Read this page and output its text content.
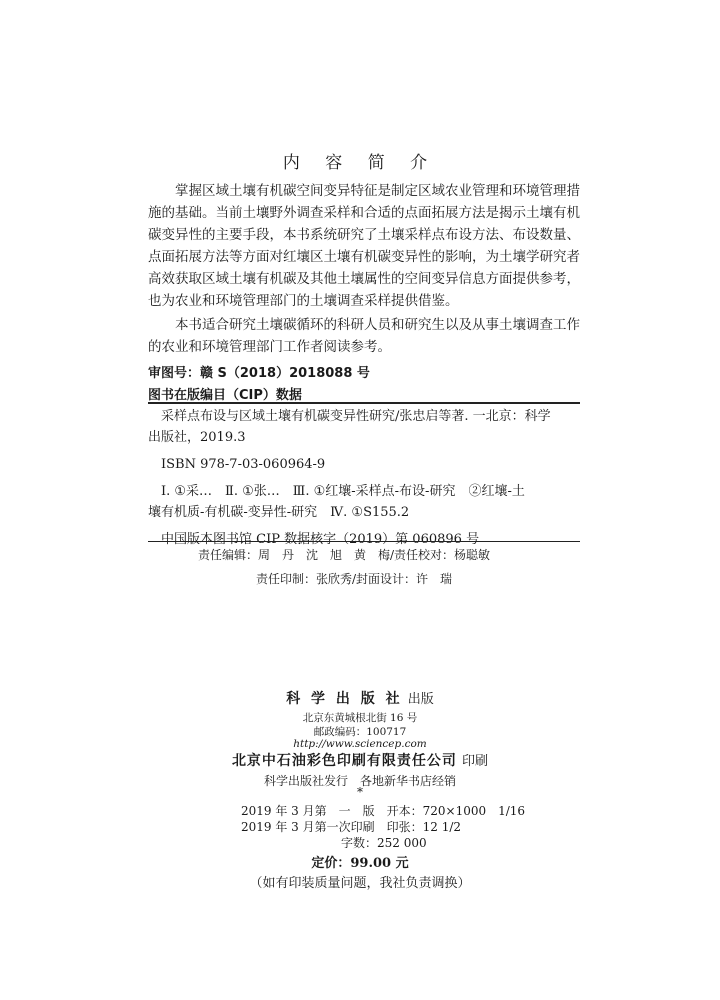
内 容 简 介
掌握区域土壤有机碳空间变异特征是制定区域农业管理和环境管理措
施的基础。当前土壤野外调查采样和合适的点面拓展方法是揭示土壤有机
碳变异性的主要手段，本书系统研究了土壤采样点布设方法、布设数量、
点面拓展方法等方面对红壤区土壤有机碳变异性的影响，为土壤学研究者
高效获取区域土壤有机碳及其他土壤属性的空间变异信息方面提供参考，
也为农业和环境管理部门的土壤调查采样提供借鉴。
本书适合研究土壤碳循环的科研人员和研究生以及从事土壤调查工作
的农业和环境管理部门工作者阅读参考。
审图号：赣 S（2018）2018088 号
图书在版编目（CIP）数据
采样点布设与区域土壤有机碳变异性研究/张忠启等著. 一北京：科学
出版社，2019.3
ISBN 978-7-03-060964-9
Ⅰ. ①采…　Ⅱ. ①张…　Ⅲ. ①红壤-采样点-布设-研究　②红壤-土
壤有机质-有机碳-变异性-研究　Ⅳ. ①S155.2
中国版本图书馆 CIP 数据核字（2019）第 060896 号
责任编辑：周　丹　沈　旭　黄　梅/责任校对：杨聪敏
责任印制：张欣秀/封面设计：许　瑞
科 学 出 版 社 出版
北京东黄城根北街 16 号
邮政编码：100717
http://www.sciencep.com
北京中石油彩色印刷有限责任公司 印刷
科学出版社发行　各地新华书店经销
*
2019 年 3 月第　一　版　开本：720×1000　1/16
2019 年 3 月第一次印刷　印张：12 1/2
字数：252 000
定价：99.00 元
（如有印装质量问题，我社负责调换）
